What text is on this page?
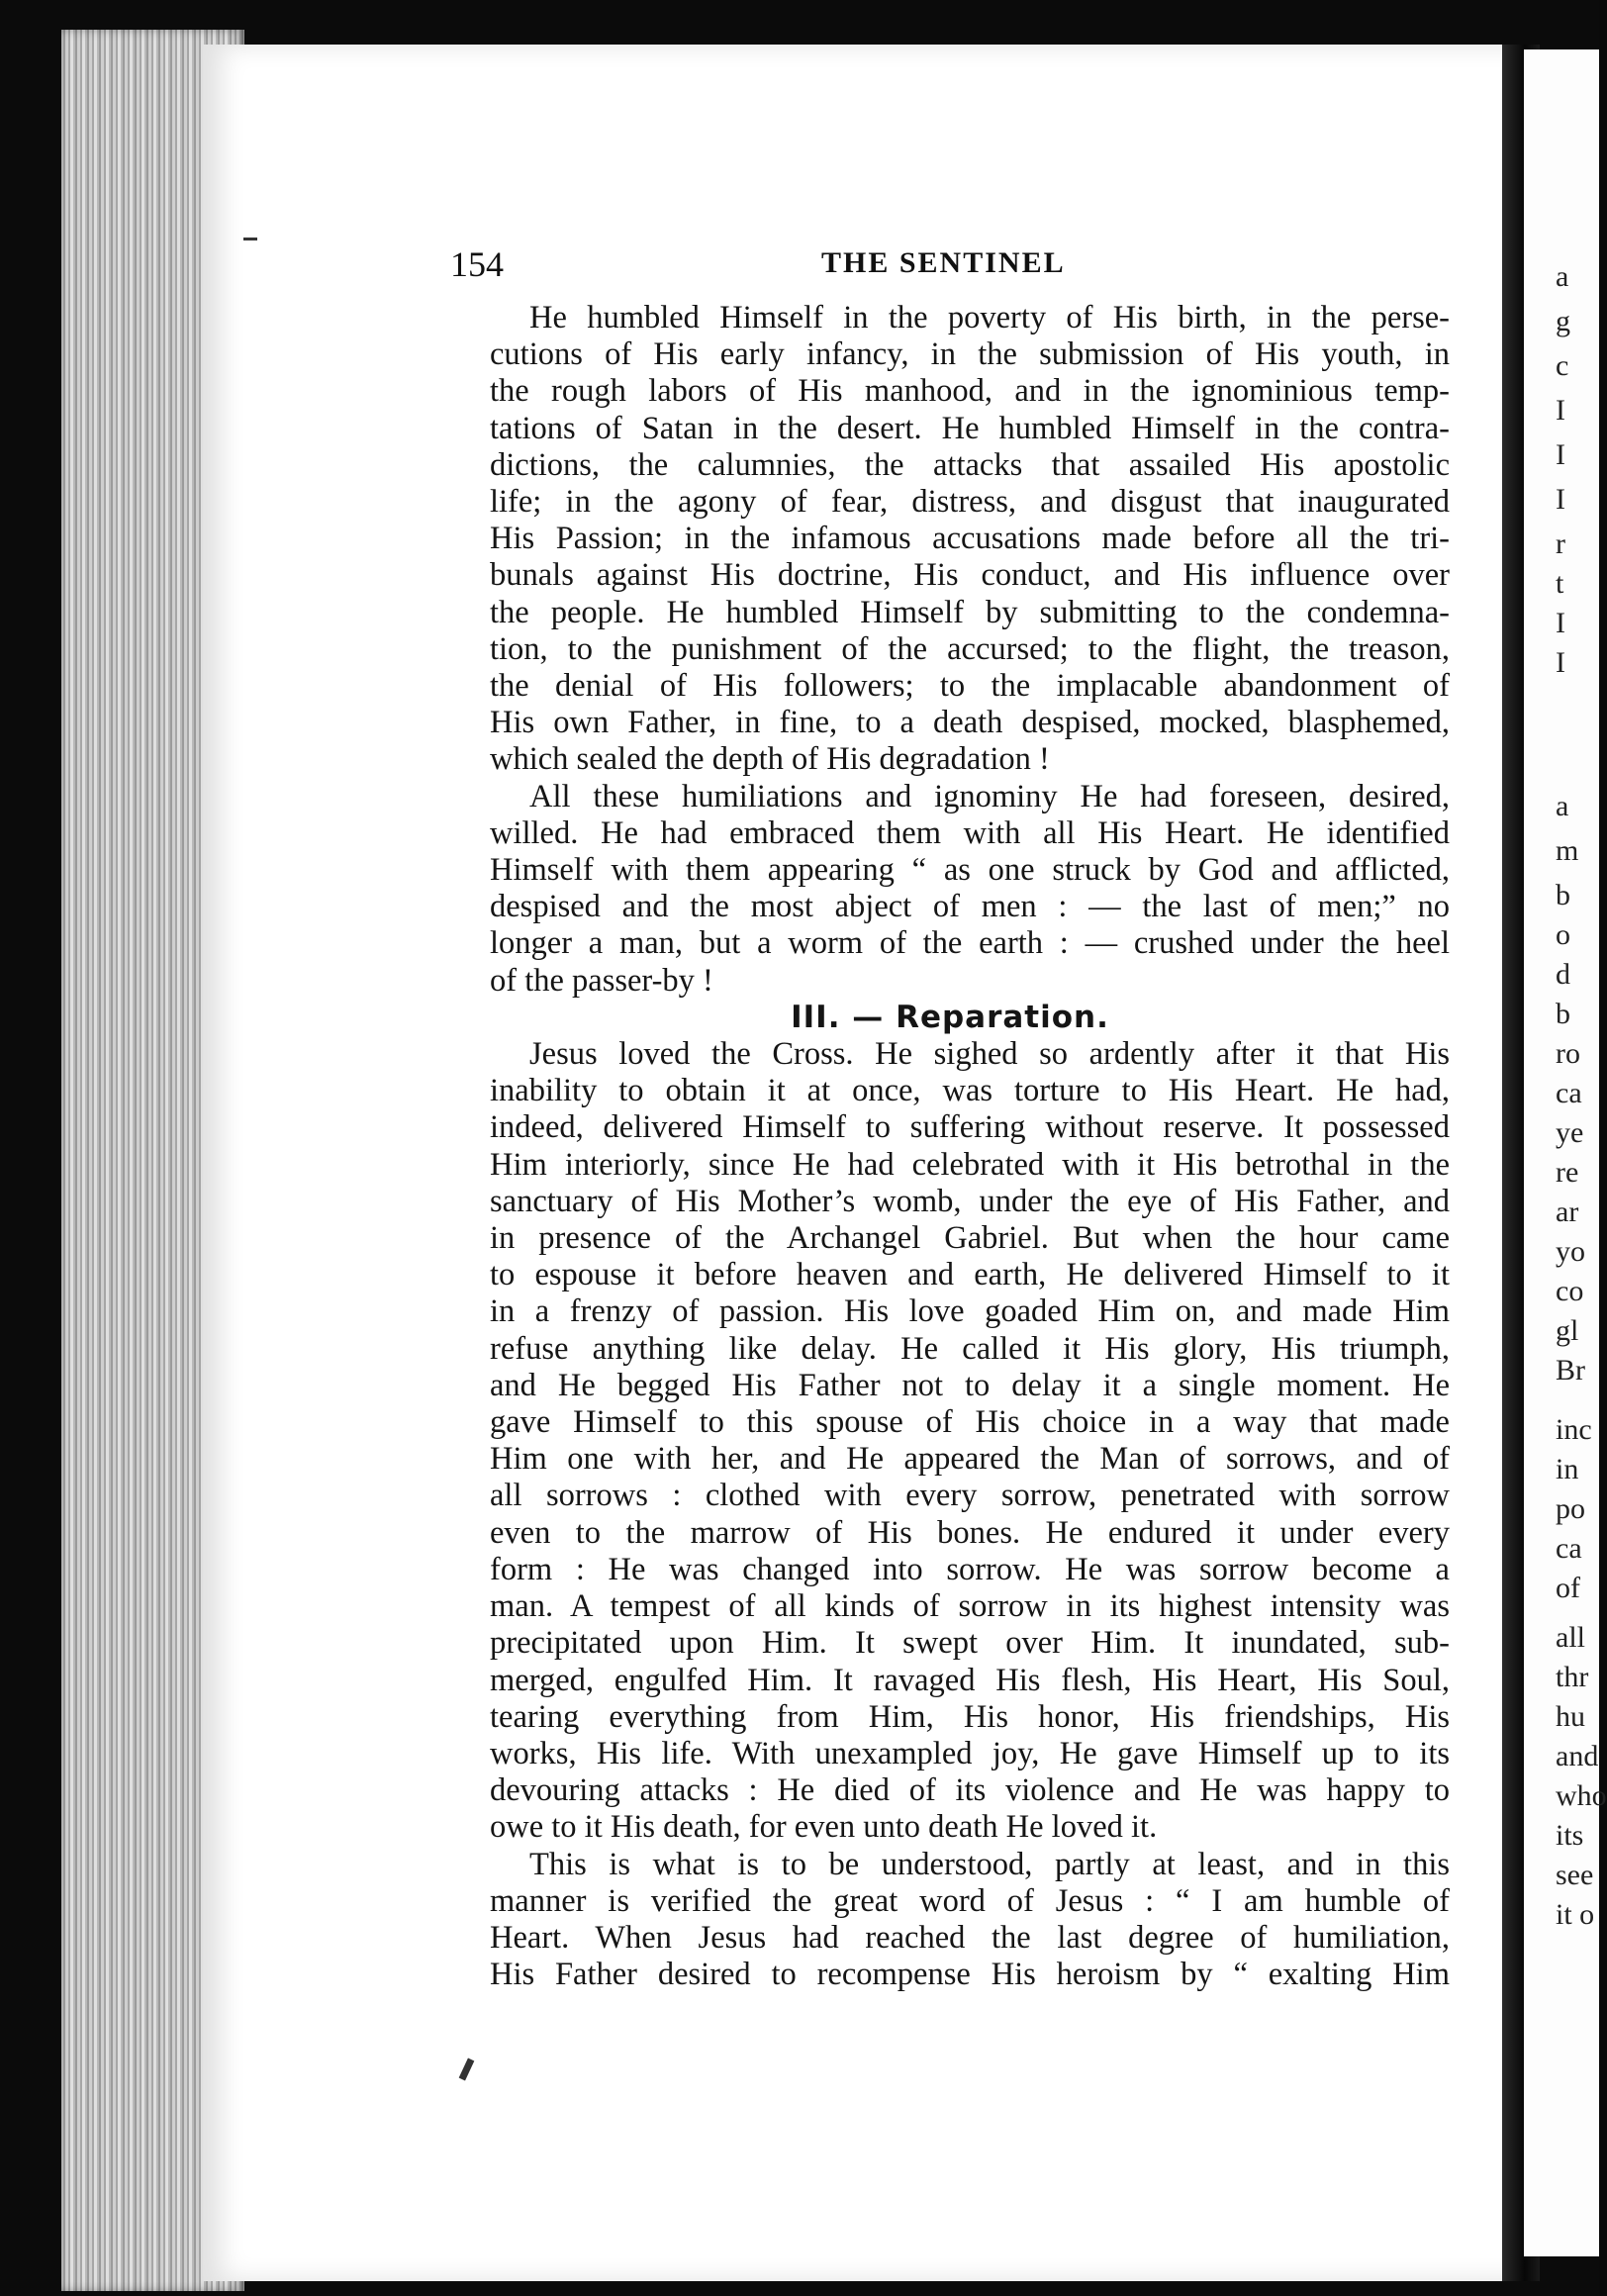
a
g
c
I
I
I
r
t
I
I
a
m
b
o
d
b
ro
ca
ye
re
ar
yo
co
gl
Br
inc
in
po
ca
of
all
thr
hu
and
who
its
see
it o
154	THE SENTINEL
He humbled Himself in the poverty of His birth, in the perse-
cutions of His early infancy, in the submission of His youth, in
the rough labors of His manhood, and in the ignominious temp-
tations of Satan in the desert. He humbled Himself in the contra-
dictions, the calumnies, the attacks that assailed His apostolic
life; in the agony of fear, distress, and disgust that inaugurated
His Passion; in the infamous accusations made before all the tri-
bunals against His doctrine, His conduct, and His influence over
the people. He humbled Himself by submitting to the condemna-
tion, to the punishment of the accursed; to the flight, the treason,
the denial of His followers; to the implacable abandonment of
His own Father, in fine, to a death despised, mocked, blasphemed,
which sealed the depth of His degradation !
All these humiliations and ignominy He had foreseen, desired,
willed. He had embraced them with all His Heart. He identified
Himself with them appearing “ as one struck by God and afflicted,
despised and the most abject of men : — the last of men;” no
longer a man, but a worm of the earth : — crushed under the heel
of the passer-by !
III. — Reparation.
Jesus loved the Cross. He sighed so ardently after it that His
inability to obtain it at once, was torture to His Heart. He had,
indeed, delivered Himself to suffering without reserve. It possessed
Him interiorly, since He had celebrated with it His betrothal in the
sanctuary of His Mother’s womb, under the eye of His Father, and
in presence of the Archangel Gabriel. But when the hour came
to espouse it before heaven and earth, He delivered Himself to it
in a frenzy of passion. His love goaded Him on, and made Him
refuse anything like delay. He called it His glory, His triumph,
and He begged His Father not to delay it a single moment. He
gave Himself to this spouse of His choice in a way that made
Him one with her, and He appeared the Man of sorrows, and of
all sorrows : clothed with every sorrow, penetrated with sorrow
even to the marrow of His bones. He endured it under every
form : He was changed into sorrow. He was sorrow become a
man. A tempest of all kinds of sorrow in its highest intensity was
precipitated upon Him. It swept over Him. It inundated, sub-
merged, engulfed Him. It ravaged His flesh, His Heart, His Soul,
tearing everything from Him, His honor, His friendships, His
works, His life. With unexampled joy, He gave Himself up to its
devouring attacks : He died of its violence and He was happy to
owe to it His death, for even unto death He loved it.
This is what is to be understood, partly at least, and in this
manner is verified the great word of Jesus : “ I am humble of
Heart. When Jesus had reached the last degree of humiliation,
His Father desired to recompense His heroism by “ exalting Him
